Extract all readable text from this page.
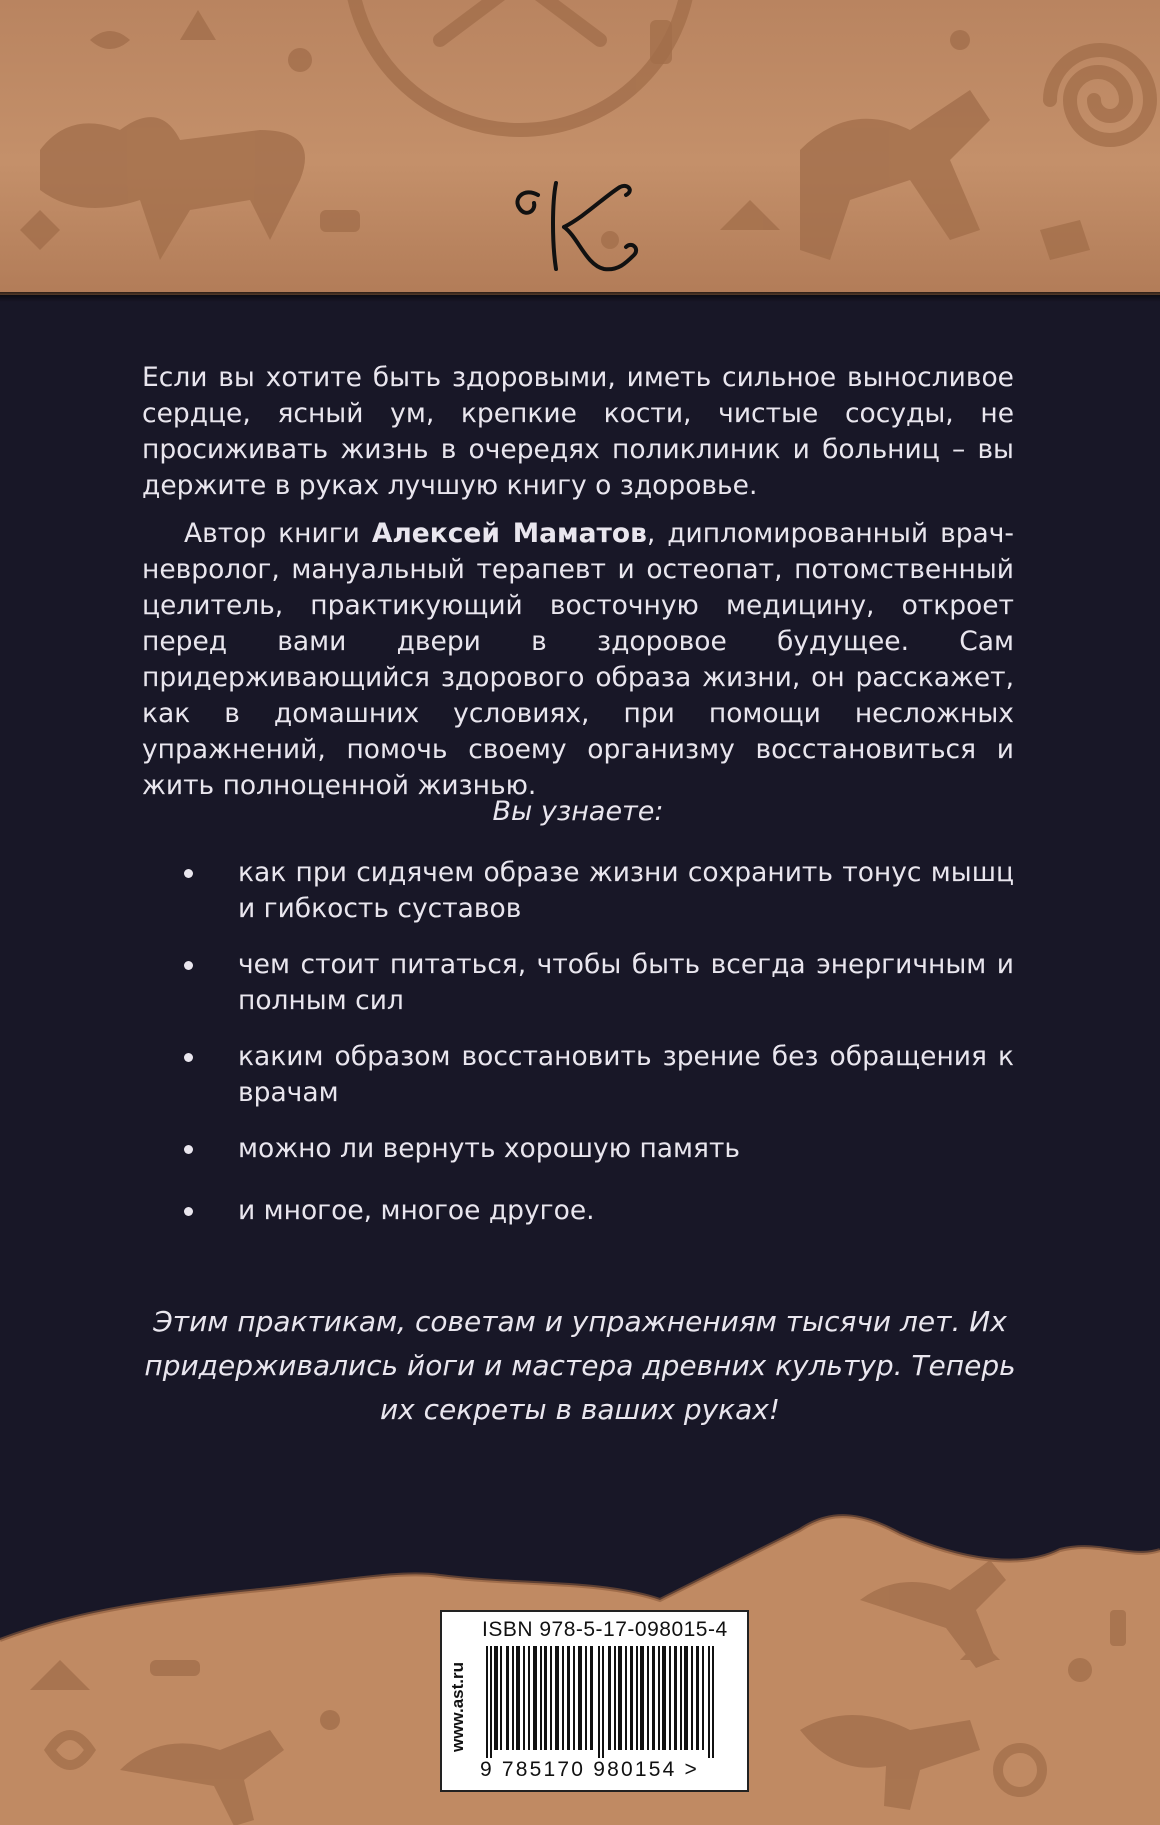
Если вы хотите быть здоровыми, иметь сильное выносливое сердце, ясный ум, крепкие кости, чистые сосуды, не просиживать жизнь в очередях поликлиник и больниц – вы держите в руках лучшую книгу о здоровье.

Автор книги Алексей Маматов, дипломированный врач-невролог, мануальный терапевт и остеопат, потомственный целитель, практикующий восточную медицину, откроет перед вами двери в здоровое будущее. Сам придерживающийся здорового образа жизни, он расскажет, как в домашних условиях, при помощи несложных упражнений, помочь своему организму восстановиться и жить полноценной жизнью.

Вы узнаете:
как при сидячем образе жизни сохранить тонус мышц и гибкость суставов
чем стоит питаться, чтобы быть всегда энергичным и полным сил
каким образом восстановить зрение без обращения к врачам
можно ли вернуть хорошую память
и многое, многое другое.
Этим практикам, советам и упражнениям тысячи лет. Их
придерживались йоги и мастера древних культур. Теперь
их секреты в ваших руках!
www.ast.ru
ISBN 978-5-17-098015-4
9 785170 980154 >
